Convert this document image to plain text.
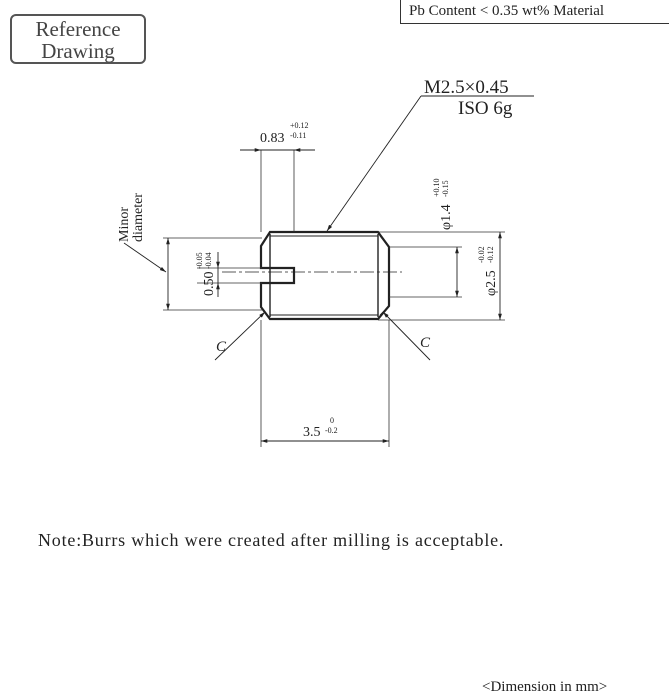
Reference
Drawing
Pb Content < 0.35 wt% Material
M2.5×0.45
ISO 6g
0.83
+0.12
-0.11
Minor diameter
0.50
-0.05 -0.04
φ1.4
+0.10 -0.15
φ2.5
-0.02 -0.12
3.5
0
-0.2
C	C
Note:Burrs which were created after milling is acceptable.
<Dimension in mm>
